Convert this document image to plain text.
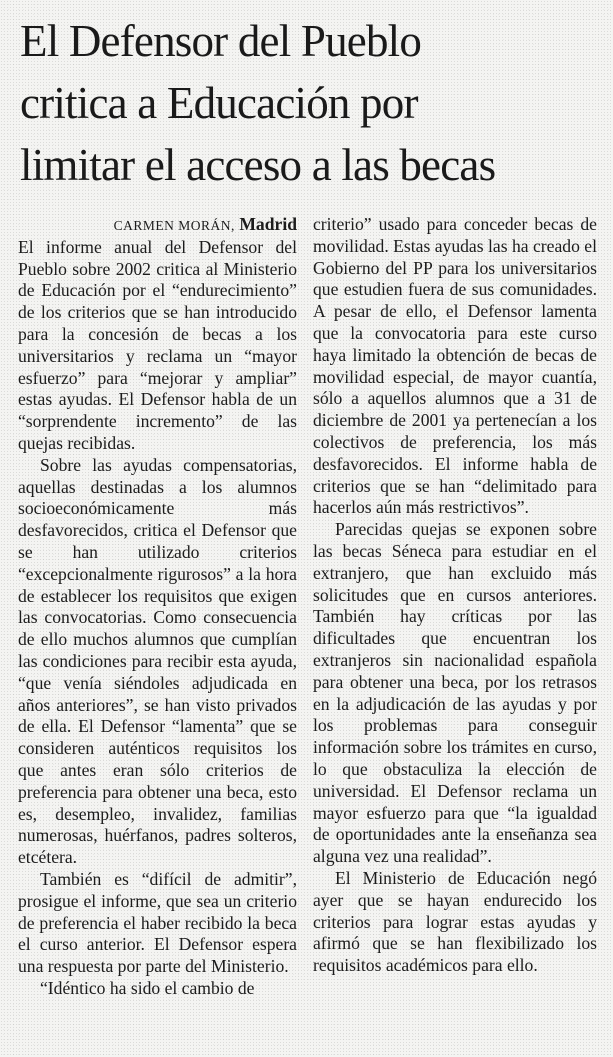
El Defensor del Pueblo
critica a Educación por
limitar el acceso a las becas

CARMEN MORÁN, Madrid

El informe anual del Defensor del Pueblo sobre 2002 critica al Ministerio de Educación por el “endurecimiento” de los criterios que se han introducido para la concesión de becas a los universitarios y reclama un “mayor esfuerzo” para “mejorar y ampliar” estas ayudas. El Defensor habla de un “sorprendente incremento” de las quejas recibidas.

Sobre las ayudas compensatorias, aquellas destinadas a los alumnos socioeconómicamente más desfavorecidos, critica el Defensor que se han utilizado criterios “excepcionalmente rigurosos” a la hora de establecer los requisitos que exigen las convocatorias. Como consecuencia de ello muchos alumnos que cumplían las condiciones para recibir esta ayuda, “que venía siéndoles adjudicada en años anteriores”, se han visto privados de ella. El Defensor “lamenta” que se consideren auténticos requisitos los que antes eran sólo criterios de preferencia para obtener una beca, esto es, desempleo, invalidez, familias numerosas, huérfanos, padres solteros, etcétera.

También es “difícil de admitir”, prosigue el informe, que sea un criterio de preferencia el haber recibido la beca el curso anterior. El Defensor espera una respuesta por parte del Ministerio.

“Idéntico ha sido el cambio de

criterio” usado para conceder becas de movilidad. Estas ayudas las ha creado el Gobierno del PP para los universitarios que estudien fuera de sus comunidades. A pesar de ello, el Defensor lamenta que la convocatoria para este curso haya limitado la obtención de becas de movilidad especial, de mayor cuantía, sólo a aquellos alumnos que a 31 de diciembre de 2001 ya pertenecían a los colectivos de preferencia, los más desfavorecidos. El informe habla de criterios que se han “delimitado para hacerlos aún más restrictivos”.

Parecidas quejas se exponen sobre las becas Séneca para estudiar en el extranjero, que han excluido más solicitudes que en cursos anteriores. También hay críticas por las dificultades que encuentran los extranjeros sin nacionalidad española para obtener una beca, por los retrasos en la adjudicación de las ayudas y por los problemas para conseguir información sobre los trámites en curso, lo que obstaculiza la elección de universidad. El Defensor reclama un mayor esfuerzo para que “la igualdad de oportunidades ante la enseñanza sea alguna vez una realidad”.

El Ministerio de Educación negó ayer que se hayan endurecido los criterios para lograr estas ayudas y afirmó que se han flexibilizado los requisitos académicos para ello.
